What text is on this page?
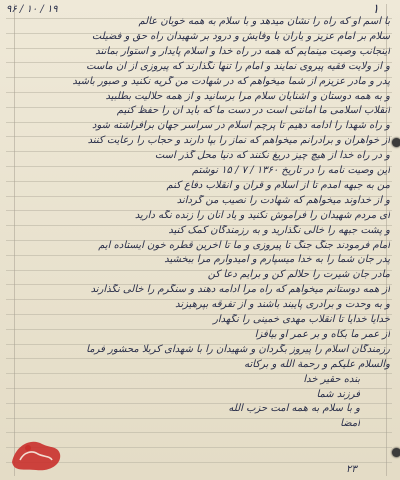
۹۶ / ۱۰ / ۱۹	۱
با اسم او که راه را نشان میدهد و با سلام به همه خوبان عالم
سلام بر امام عزیز و یاران با وفایش و درود بر شهیدان راه حق و فضیلت
اینجانب وصیت مینمایم که همه در راه خدا و اسلام پایدار و استوار بمانند
و از ولایت فقیه پیروی نمایند و امام را تنها نگذارند که پیروزی از آن ماست
پدر و مادر عزیزم از شما میخواهم که در شهادت من گریه نکنید و صبور باشید
و به همه دوستان و آشنایان سلام مرا برسانید و از همه حلالیت بطلبید
انقلاب اسلامی ما امانتی است در دست ما که باید آن را حفظ کنیم
و راه شهدا را ادامه دهیم تا پرچم اسلام در سراسر جهان برافراشته شود
از خواهران و برادرانم میخواهم که نماز را بپا دارند و حجاب را رعایت کنند
و در راه خدا از هیچ چیز دریغ نکنند که دنیا محل گذر است
این وصیت نامه را در تاریخ ۱۳۶۰ / ۷ / ۱۵ نوشتم
من به جبهه آمدم تا از اسلام و قرآن و انقلاب دفاع کنم
و از خداوند میخواهم که شهادت را نصیب من گرداند
ای مردم شهیدان را فراموش نکنید و یاد آنان را زنده نگه دارید
و پشت جبهه را خالی نگذارید و به رزمندگان کمک کنید
امام فرمودند جنگ جنگ تا پیروزی و ما تا آخرین قطره خون ایستاده ایم
پدر جان شما را به خدا میسپارم و امیدوارم مرا ببخشید
مادر جان شیرت را حلالم کن و برایم دعا کن
از همه دوستانم میخواهم که راه مرا ادامه دهند و سنگرم را خالی نگذارند
و به وحدت و برادری پایبند باشند و از تفرقه بپرهیزند
خدایا خدایا تا انقلاب مهدی خمینی را نگهدار
از عمر ما بکاه و بر عمر او بیافزا
رزمندگان اسلام را پیروز بگردان و شهیدان را با شهدای کربلا محشور فرما
والسلام علیکم و رحمة الله و برکاته
بنده حقیر خدا
فرزند شما
و با سلام به همه امت حزب الله
امضا
۲۳
